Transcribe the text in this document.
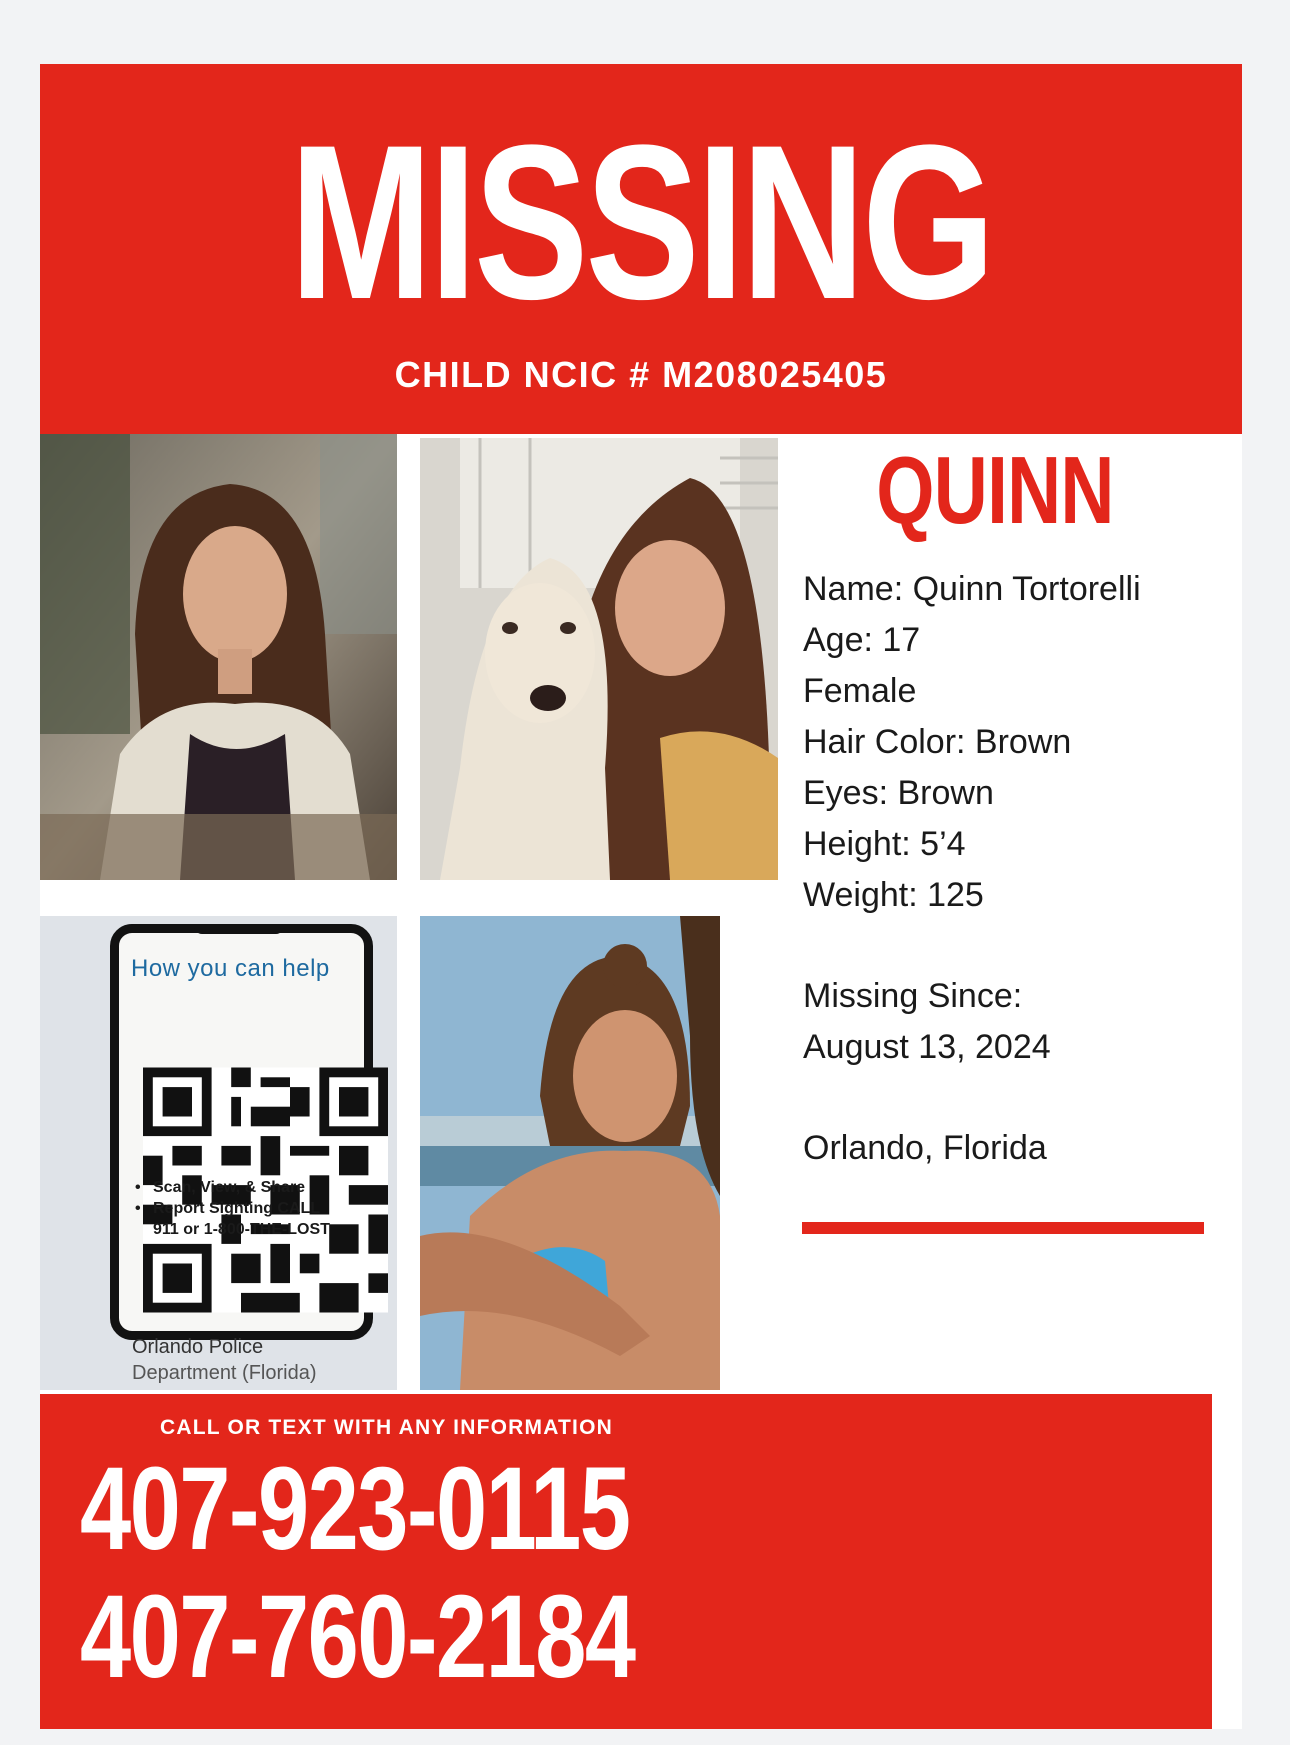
MISSING
CHILD NCIC # M208025405
How you can help
• Scan, View, & Share
• Report Sighting CALL 911 or 1-800-THE-LOST
Orlando Police
Department (Florida)
QUINN
Name: Quinn Tortorelli
Age: 17
Female
Hair Color: Brown
Eyes: Brown
Height: 5’4
Weight: 125
Missing Since:
August 13, 2024
Orlando, Florida
CALL OR TEXT WITH ANY INFORMATION
407-923-0115
407-760-2184
